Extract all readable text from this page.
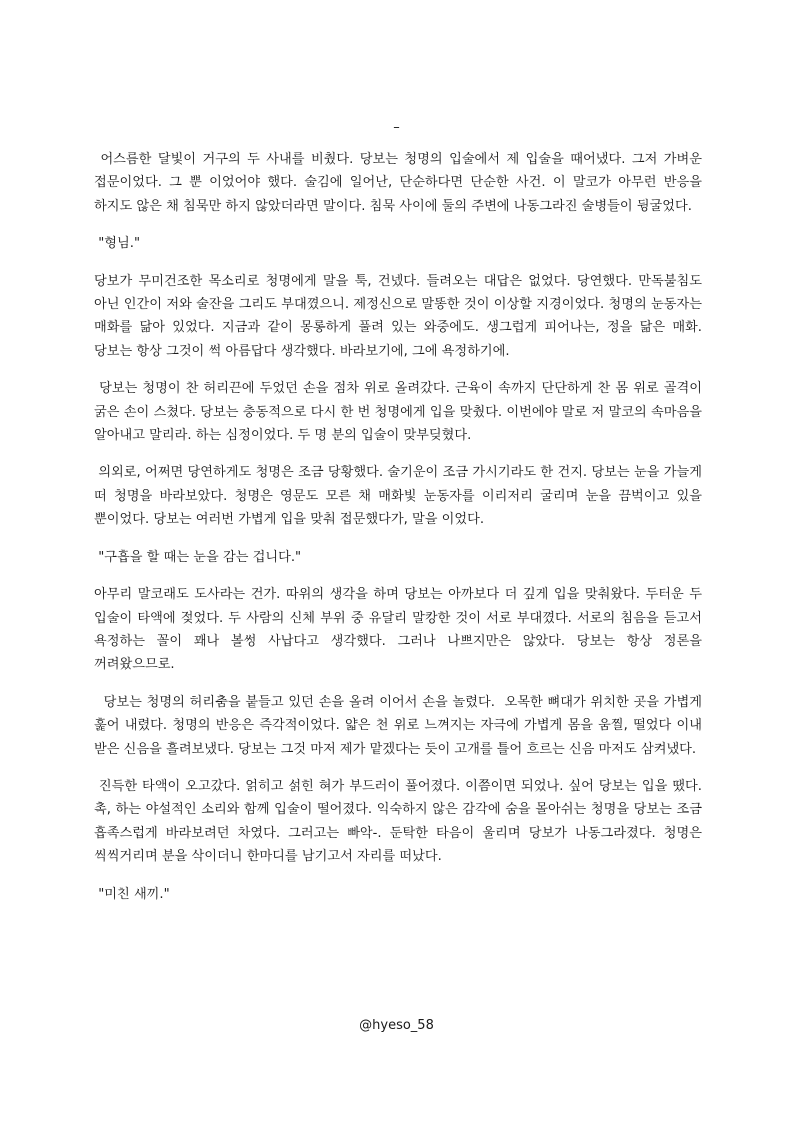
–

어스름한 달빛이 거구의 두 사내를 비췄다. 당보는 청명의 입술에서 제 입술을 때어냈다. 그저 가벼운 접문이었다. 그 뿐 이었어야 했다. 술김에 일어난, 단순하다면 단순한 사건. 이 말코가 아무런 반응을 하지도 않은 채 침묵만 하지 않았더라면 말이다. 침묵 사이에 둘의 주변에 나동그라진 술병들이 뒹굴었다.

"형님."

당보가 무미건조한 목소리로 청명에게 말을 툭, 건넸다. 들려오는 대답은 없었다. 당연했다. 만독불침도 아닌 인간이 저와 술잔을 그리도 부대꼈으니. 제정신으로 말똥한 것이 이상할 지경이었다. 청명의 눈동자는 매화를 닮아 있었다. 지금과 같이 몽롱하게 풀려 있는 와중에도. 생그럽게 피어나는, 정을 닮은 매화. 당보는 항상 그것이 썩 아름답다 생각했다. 바라보기에, 그에 욕정하기에.

당보는 청명이 찬 허리끈에 두었던 손을 점차 위로 올려갔다. 근육이 속까지 단단하게 찬 몸 위로 골격이 굵은 손이 스쳤다. 당보는 충동적으로 다시 한 번 청명에게 입을 맞췄다. 이번에야 말로 저 말코의 속마음을 알아내고 말리라. 하는 심정이었다. 두 명 분의 입술이 맞부딪혔다.

의외로, 어쩌면 당연하게도 청명은 조금 당황했다. 술기운이 조금 가시기라도 한 건지. 당보는 눈을 가늘게 떠 청명을 바라보았다. 청명은 영문도 모른 채 매화빛 눈동자를 이리저리 굴리며 눈을 끔벅이고 있을 뿐이었다. 당보는 여러번 가볍게 입을 맞춰 접문했다가, 말을 이었다.

"구흡을 할 때는 눈을 감는 겁니다."

아무리 말코래도 도사라는 건가. 따위의 생각을 하며 당보는 아까보다 더 깊게 입을 맞춰왔다. 두터운 두 입술이 타액에 젖었다. 두 사람의 신체 부위 중 유달리 말캉한 것이 서로 부대꼈다. 서로의 침음을 듣고서 욕정하는 꼴이 꽤나 볼썽 사납다고 생각했다. 그러나 나쁘지만은 않았다. 당보는 항상 정론을 꺼려왔으므로.

당보는 청명의 허리춤을 붙들고 있던 손을 올려 이어서 손을 놀렸다.  오목한 뼈대가 위치한 곳을 가볍게 훑어 내렸다. 청명의 반응은 즉각적이었다. 얇은 천 위로 느껴지는 자극에 가볍게 몸을 움찔, 떨었다 이내 받은 신음을 흘려보냈다. 당보는 그것 마저 제가 맡겠다는 듯이 고개를 틀어 흐르는 신음 마저도 삼켜냈다.

진득한 타액이 오고갔다. 얽히고 섥힌 혀가 부드러이 풀어졌다. 이쯤이면 되었나. 싶어 당보는 입을 땠다. 촉, 하는 야설적인 소리와 함께 입술이 떨어졌다. 익숙하지 않은 감각에 숨을 몰아쉬는 청명을 당보는 조금 흡족스럽게 바라보려던 차였다. 그러고는 빠악-. 둔탁한 타음이 울리며 당보가 나동그라졌다. 청명은 씩씩거리며 분을 삭이더니 한마디를 남기고서 자리를 떠났다.

"미친 새끼."

@hyeso_58
